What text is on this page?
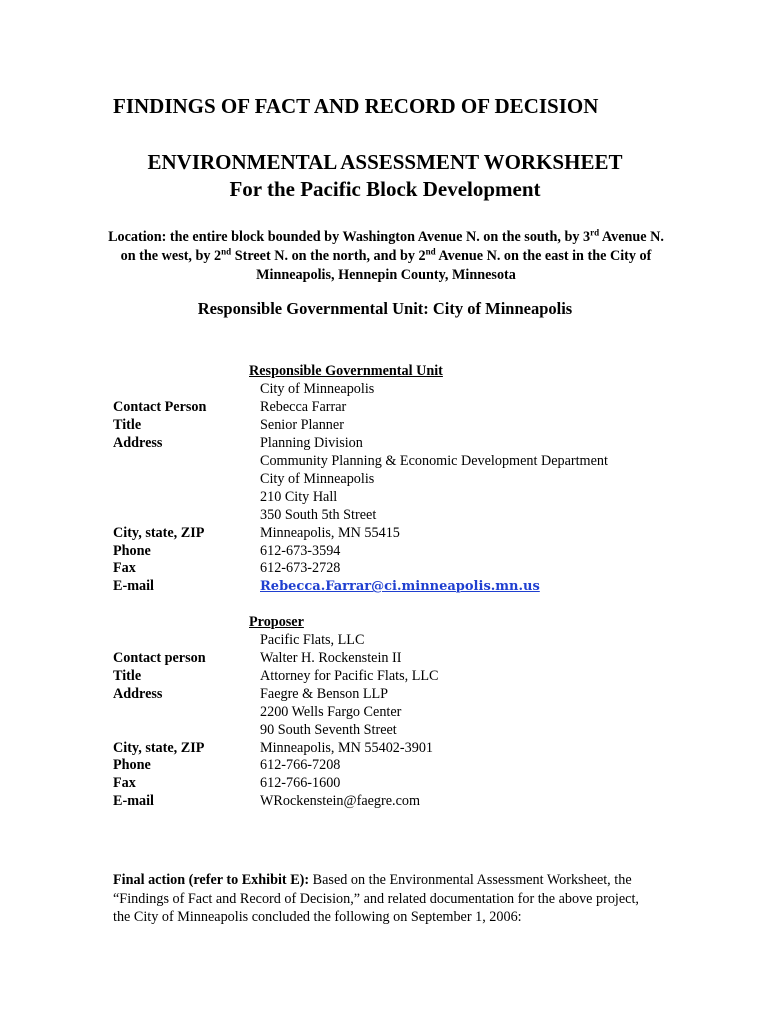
FINDINGS OF FACT AND RECORD OF DECISION
ENVIRONMENTAL ASSESSMENT WORKSHEET
For the Pacific Block Development
Location: the entire block bounded by Washington Avenue N. on the south, by 3rd Avenue N. on the west, by 2nd Street N. on the north, and by 2nd Avenue N. on the east in the City of Minneapolis, Hennepin County, Minnesota
Responsible Governmental Unit: City of Minneapolis
Responsible Governmental Unit
City of Minneapolis
Contact Person	Rebecca Farrar
Title	Senior Planner
Address	Planning Division
Community Planning & Economic Development Department
City of Minneapolis
210 City Hall
350 South 5th Street
City, state, ZIP	Minneapolis, MN 55415
Phone	612-673-3594
Fax	612-673-2728
E-mail	Rebecca.Farrar@ci.minneapolis.mn.us
Proposer
Pacific Flats, LLC
Contact person	Walter H. Rockenstein II
Title	Attorney for Pacific Flats, LLC
Address	Faegre & Benson LLP
2200 Wells Fargo Center
90 South Seventh Street
City, state, ZIP	Minneapolis, MN 55402-3901
Phone	612-766-7208
Fax	612-766-1600
E-mail	WRockenstein@faegre.com
Final action (refer to Exhibit E): Based on the Environmental Assessment Worksheet, the “Findings of Fact and Record of Decision,” and related documentation for the above project, the City of Minneapolis concluded the following on September 1, 2006:
